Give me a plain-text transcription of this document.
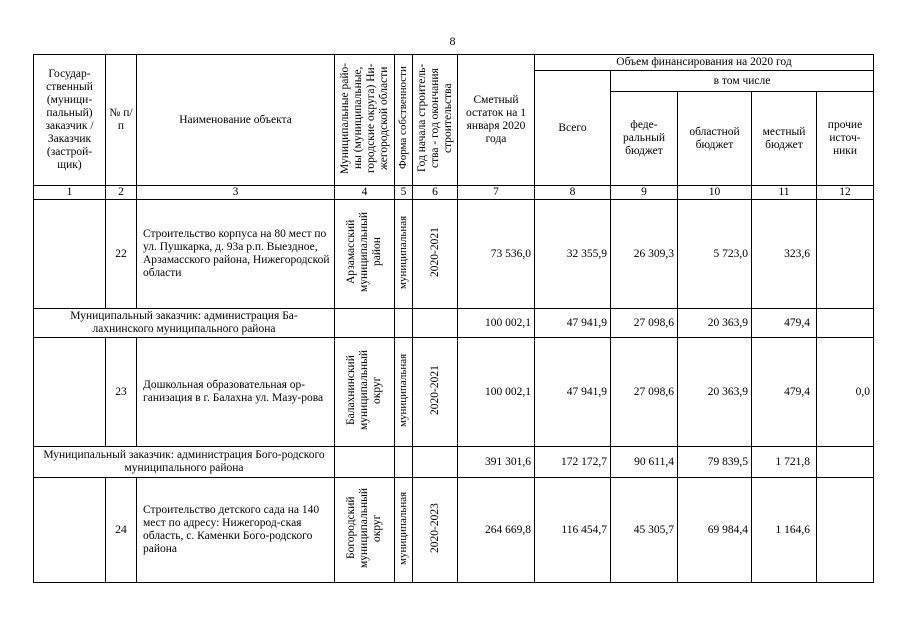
8
Государ-ственный (муници-пальный) заказчик / Заказчик (застрой-щик)	№ п/п	Наименование объекта	Муниципальные райо-ны (муниципальные, городские округа) Ни-жегородской области	Форма собственности	Год начала строитель-ства - год окончания строительства	Сметный остаток на 1 января 2020 года	Объем финансирования на 2020 год				
							Всего	в том числе			
								феде-ральный бюджет	областной бюджет	местный бюджет	прочие источ-ники
1	2	3	4	5	6	7	8	9	10	11	12
	22	Строительство корпуса на 80 мест по ул. Пушкарка, д. 93а р.п. Выездное, Арзамасского района, Нижегородской области	Арзамасский муниципальный район	муниципальная	2020-2021	73 536,0	32 355,9	26 309,3	5 723,0	323,6	
Муниципальный заказчик: администрация Ба-лахнинского муниципального района						100 002,1	47 941,9	27 098,6	20 363,9	479,4	
	23	Дошкольная образовательная ор-ганизация в г. Балахна ул. Мазу-рова	Балахнинский муниципальный округ	муниципальная	2020-2021	100 002,1	47 941,9	27 098,6	20 363,9	479,4	0,0
Муниципальный заказчик: администрация Бого-родского муниципального района						391 301,6	172 172,7	90 611,4	79 839,5	1 721,8	
	24	Строительство детского сада на 140 мест по адресу: Нижегород-ская область, с. Каменки Бого-родского района	Богородский муниципальный округ	муниципальная	2020-2023	264 669,8	116 454,7	45 305,7	69 984,4	1 164,6	
